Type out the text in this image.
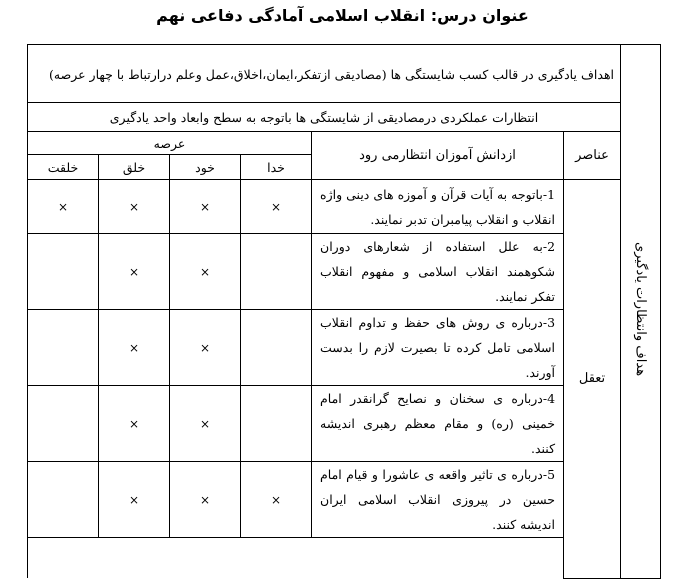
عنوان درس: انقلاب اسلامی آمادگی دفاعی نهم
هداف وانتظارات یادگیری	اهداف یادگیری در قالب کسب شایستگی ها (مصادیقی ازتفکر،ایمان،اخلاق،عمل وعلم درارتباط با چهار عرصه)					
	انتظارات عملکردی درمصادیقی از شایستگی ها باتوجه به سطح وابعاد واحد یادگیری					
	عناصر	ازدانش آموزان انتظارمی رود	عرصه			
			خدا	خود	خلق	خلقت
	تعقل	1-باتوجه به آیات قرآن و آموزه های دینی واژه انقلاب و انقلاب پیامبران تدبر نمایند.	×	×	×	×
		2-به علل استفاده از شعارهای دوران شکوهمند انقلاب اسلامی و مفهوم انقلاب تفکر نمایند.		×	×	
		3-درباره ی روش های حفظ و تداوم انقلاب اسلامی تامل کرده تا بصیرت لازم را بدست آورند.		×	×	
		4-درباره ی سخنان و نصایح گرانقدر امام خمینی (ره) و مقام معظم رهبری اندیشه کنند.		×	×	
		5-درباره ی تاثیر واقعه ی عاشورا و قیام امام حسین در پیروزی انقلاب اسلامی ایران اندیشه کنند.	×	×	×	
